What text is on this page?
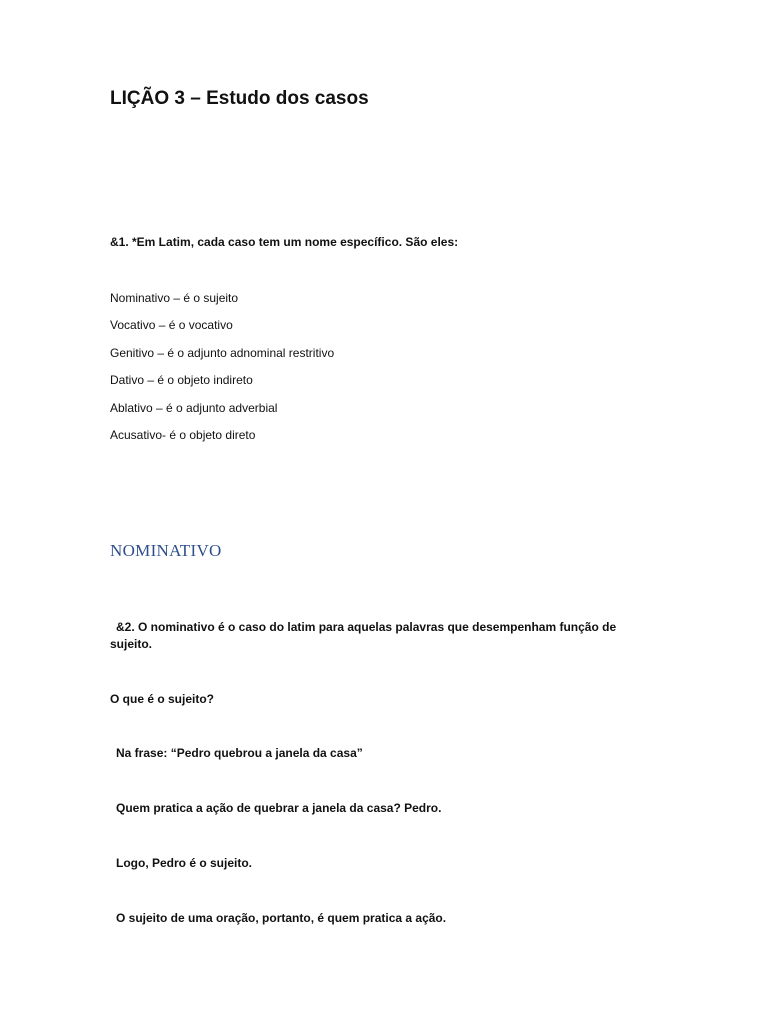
LIÇÃO 3 – Estudo dos casos
&1. *Em Latim, cada caso tem um nome específico. São eles:
Nominativo – é o sujeito
Vocativo – é o vocativo
Genitivo – é o adjunto adnominal restritivo
Dativo – é o objeto indireto
Ablativo – é o adjunto adverbial
Acusativo- é o objeto direto
NOMINATIVO
&2. O nominativo é o caso do latim para aquelas palavras que desempenham função de sujeito.
O que é o sujeito?
Na frase: “Pedro quebrou a janela da casa”
Quem pratica a ação de quebrar a janela da casa? Pedro.
Logo, Pedro é o sujeito.
O sujeito de uma oração, portanto, é quem pratica a ação.
